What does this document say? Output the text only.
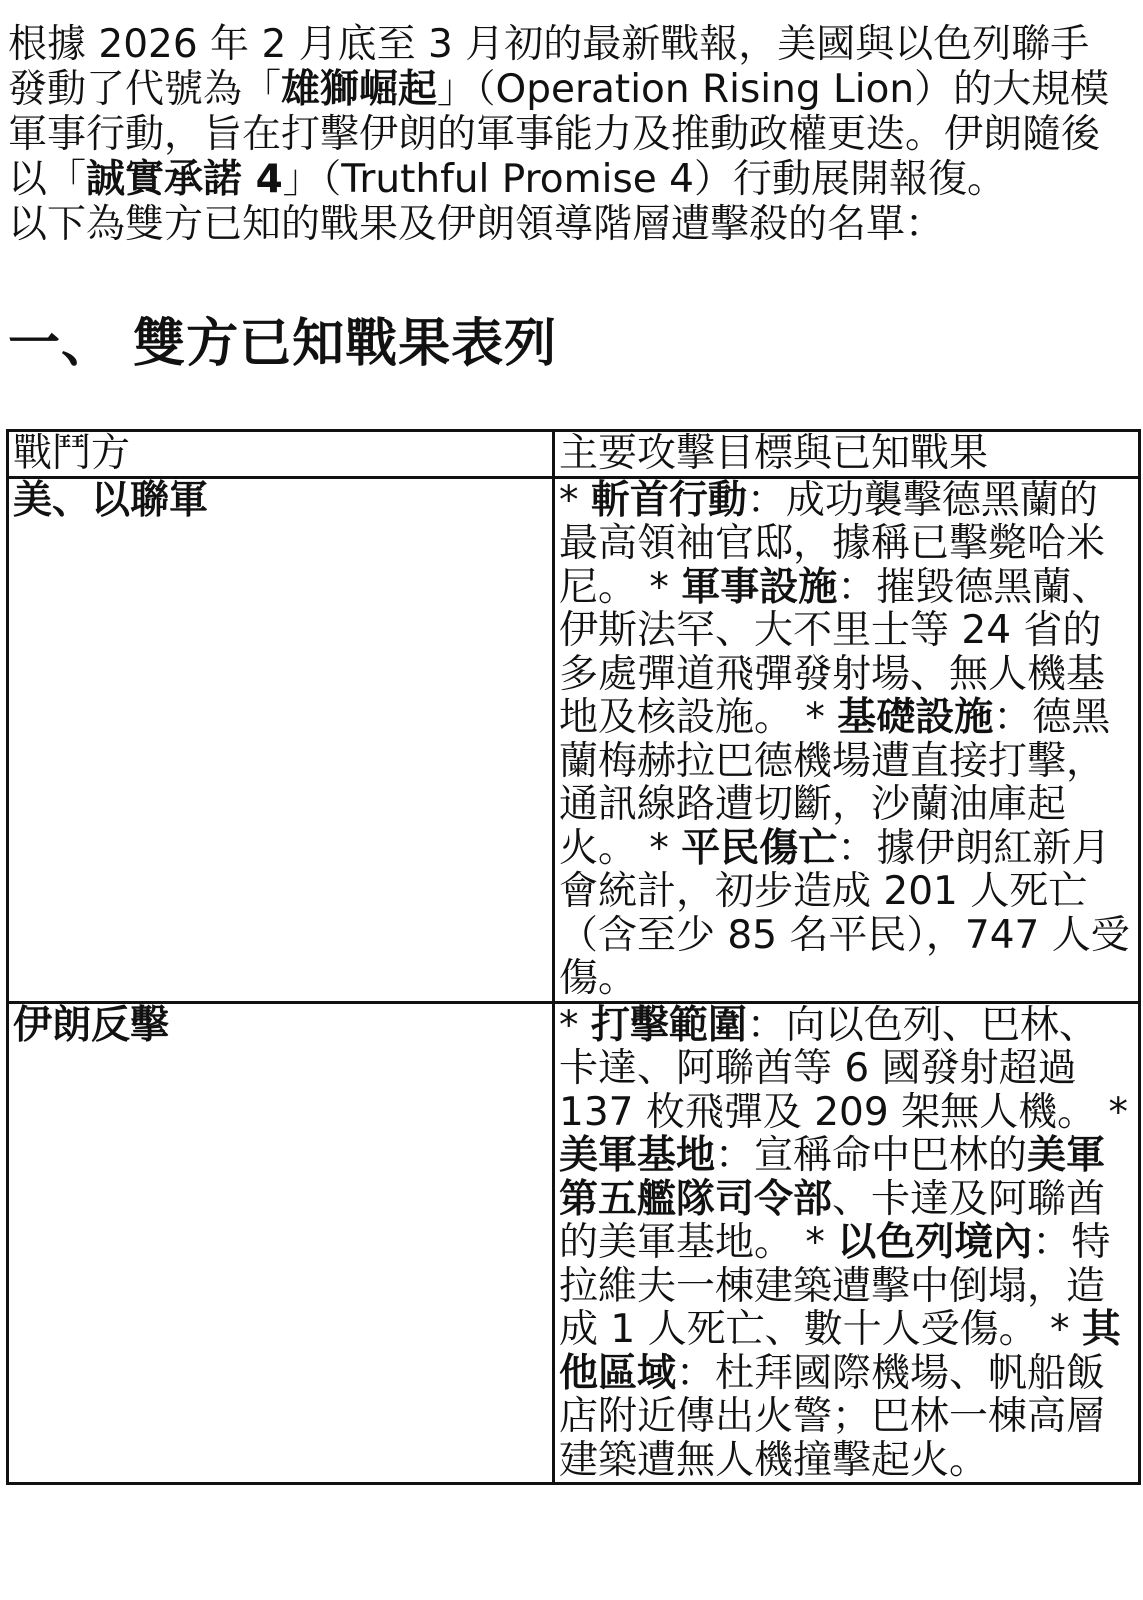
根據 2026 年 2 月底至 3 月初的最新戰報，美國與以色列聯手發動了代號為「雄獅崛起」（Operation Rising Lion）的大規模軍事行動，旨在打擊伊朗的軍事能力及推動政權更迭。伊朗隨後以「誠實承諾 4」（Truthful Promise 4）行動展開報復。

以下為雙方已知的戰果及伊朗領導階層遭擊殺的名單：

一、 雙方已知戰果表列
戰鬥方	主要攻擊目標與已知戰果
美、以聯軍	* 斬首行動：成功襲擊德黑蘭的最高領袖官邸，據稱已擊斃哈米尼。 * 軍事設施：摧毀德黑蘭、伊斯法罕、大不里士等 24 省的多處彈道飛彈發射場、無人機基地及核設施。 * 基礎設施：德黑蘭梅赫拉巴德機場遭直接打擊，通訊線路遭切斷，沙蘭油庫起火。 * 平民傷亡：據伊朗紅新月會統計，初步造成 201 人死亡（含至少 85 名平民），747 人受傷。
伊朗反擊	* 打擊範圍：向以色列、巴林、卡達、阿聯酋等 6 國發射超過 137 枚飛彈及 209 架無人機。 * 美軍基地：宣稱命中巴林的美軍第五艦隊司令部、卡達及阿聯酋的美軍基地。 * 以色列境內：特拉維夫一棟建築遭擊中倒塌，造成 1 人死亡、數十人受傷。 * 其他區域：杜拜國際機場、帆船飯店附近傳出火警；巴林一棟高層建築遭無人機撞擊起火。
